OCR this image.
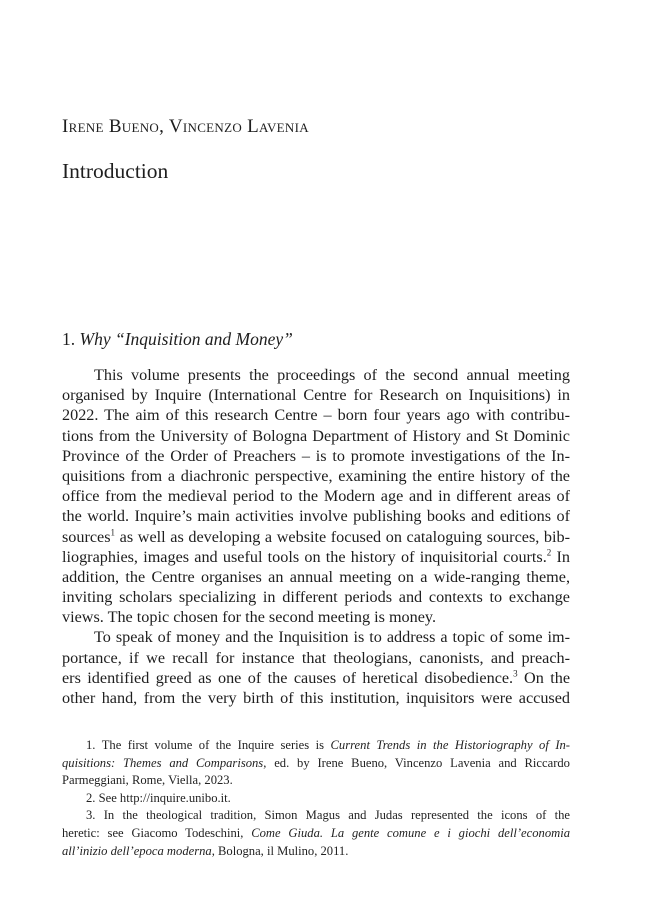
Irene Bueno, Vincenzo Lavenia
Introduction
1. Why “Inquisition and Money”
This volume presents the proceedings of the second annual meeting
organised by Inquire (International Centre for Research on Inquisitions) in
2022. The aim of this research Centre – born four years ago with contribu-
tions from the University of Bologna Department of History and St Dominic
Province of the Order of Preachers – is to promote investigations of the In-
quisitions from a diachronic perspective, examining the entire history of the
office from the medieval period to the Modern age and in different areas of
the world. Inquire’s main activities involve publishing books and editions of
sources$^1$ as well as developing a website focused on cataloguing sources, bib-
liographies, images and useful tools on the history of inquisitorial courts.$^2$ In
addition, the Centre organises an annual meeting on a wide-ranging theme,
inviting scholars specializing in different periods and contexts to exchange
views. The topic chosen for the second meeting is money.
To speak of money and the Inquisition is to address a topic of some im-
portance, if we recall for instance that theologians, canonists, and preach-
ers identified greed as one of the causes of heretical disobedience.$^3$ On the
other hand, from the very birth of this institution, inquisitors were accused
1. The first volume of the Inquire series is Current Trends in the Historiography of In-
quisitions: Themes and Comparisons, ed. by Irene Bueno, Vincenzo Lavenia and Riccardo
Parmeggiani, Rome, Viella, 2023.
2. See http://inquire.unibo.it.
3. In the theological tradition, Simon Magus and Judas represented the icons of the
heretic: see Giacomo Todeschini, Come Giuda. La gente comune e i giochi dell’economia
all’inizio dell’epoca moderna, Bologna, il Mulino, 2011.
